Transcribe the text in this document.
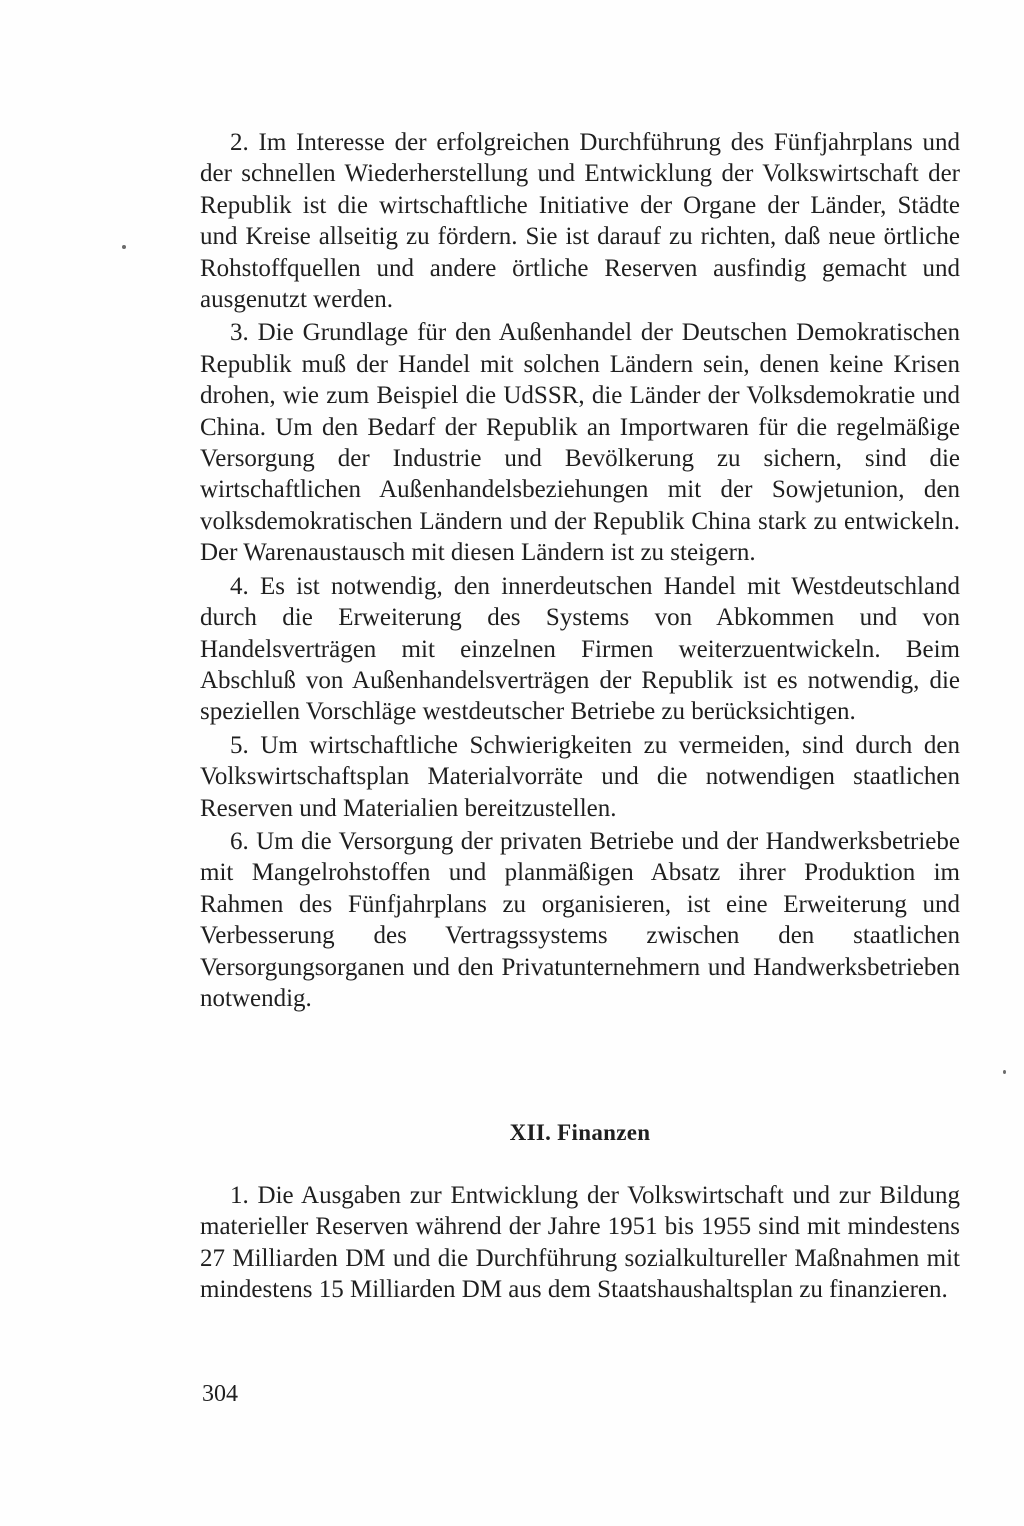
2. Im Interesse der erfolgreichen Durchführung des Fünfjahrplans und der schnellen Wiederherstellung und Entwicklung der Volkswirtschaft der Republik ist die wirtschaftliche Initiative der Organe der Länder, Städte und Kreise allseitig zu fördern. Sie ist darauf zu richten, daß neue örtliche Rohstoffquellen und andere örtliche Reserven ausfindig gemacht und ausgenutzt werden.

3. Die Grundlage für den Außenhandel der Deutschen Demokratischen Republik muß der Handel mit solchen Ländern sein, denen keine Krisen drohen, wie zum Beispiel die UdSSR, die Länder der Volksdemokratie und China. Um den Bedarf der Republik an Importwaren für die regelmäßige Versorgung der Industrie und Bevölkerung zu sichern, sind die wirtschaftlichen Außenhandelsbeziehungen mit der Sowjetunion, den volksdemokratischen Ländern und der Republik China stark zu entwickeln. Der Warenaustausch mit diesen Ländern ist zu steigern.

4. Es ist notwendig, den innerdeutschen Handel mit Westdeutschland durch die Erweiterung des Systems von Abkommen und von Handelsverträgen mit einzelnen Firmen weiterzuentwickeln. Beim Abschluß von Außenhandelsverträgen der Republik ist es notwendig, die speziellen Vorschläge westdeutscher Betriebe zu berücksichtigen.

5. Um wirtschaftliche Schwierigkeiten zu vermeiden, sind durch den Volkswirtschaftsplan Materialvorräte und die notwendigen staatlichen Reserven und Materialien bereitzustellen.

6. Um die Versorgung der privaten Betriebe und der Handwerksbetriebe mit Mangelrohstoffen und planmäßigen Absatz ihrer Produktion im Rahmen des Fünfjahrplans zu organisieren, ist eine Erweiterung und Verbesserung des Vertragssystems zwischen den staatlichen Versorgungsorganen und den Privatunternehmern und Handwerksbetrieben notwendig.

XII. Finanzen

1. Die Ausgaben zur Entwicklung der Volkswirtschaft und zur Bildung materieller Reserven während der Jahre 1951 bis 1955 sind mit mindestens 27 Milliarden DM und die Durchführung sozialkultureller Maßnahmen mit mindestens 15 Milliarden DM aus dem Staatshaushaltsplan zu finanzieren.

304
